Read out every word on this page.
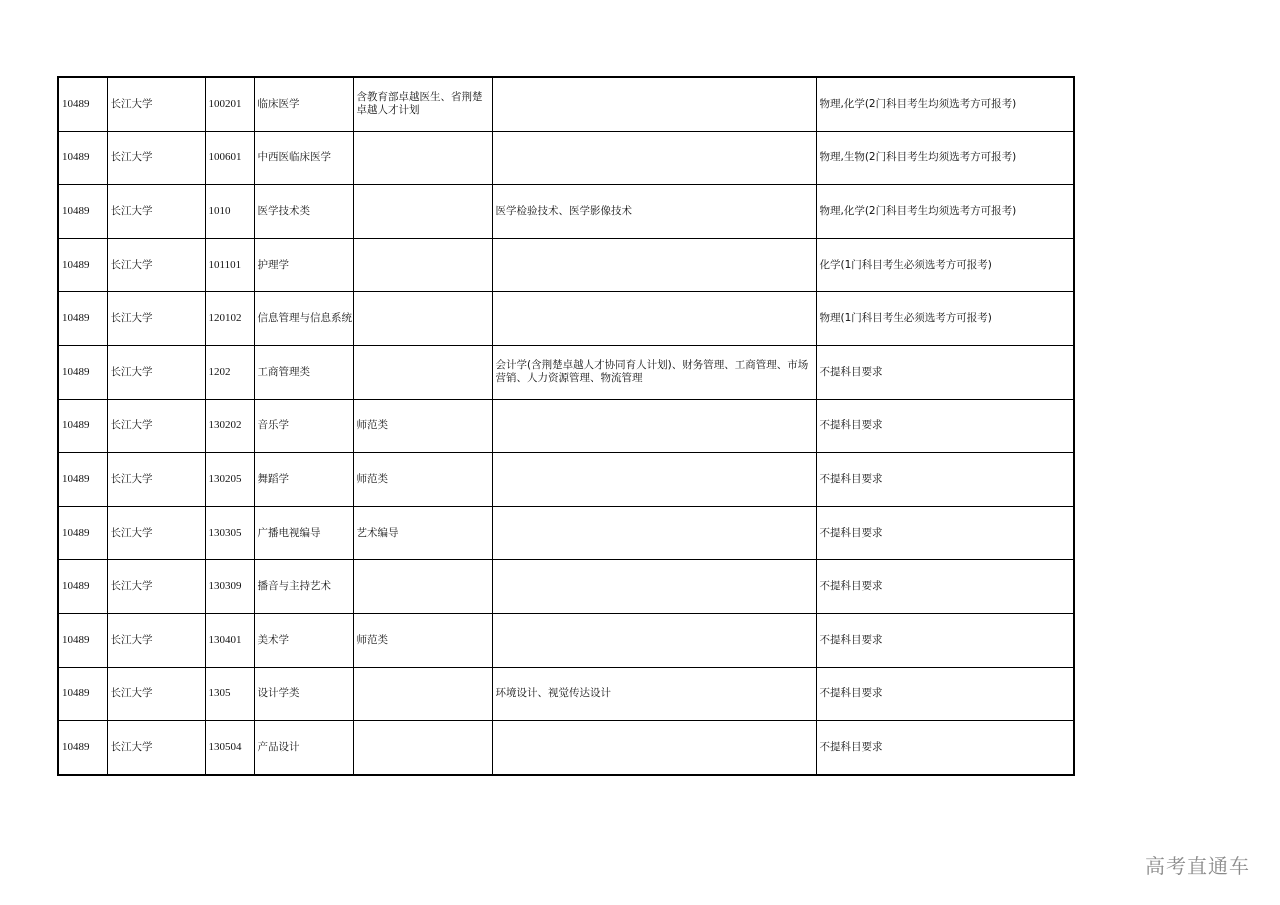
10489	长江大学	100201	临床医学	含教育部卓越医生、省荆楚卓越人才计划		物理,化学(2门科目考生均须选考方可报考)
10489	长江大学	100601	中西医临床医学			物理,生物(2门科目考生均须选考方可报考)
10489	长江大学	1010	医学技术类		医学检验技术、医学影像技术	物理,化学(2门科目考生均须选考方可报考)
10489	长江大学	101101	护理学			化学(1门科目考生必须选考方可报考)
10489	长江大学	120102	信息管理与信息系统			物理(1门科目考生必须选考方可报考)
10489	长江大学	1202	工商管理类		会计学(含荆楚卓越人才协同育人计划)、财务管理、工商管理、市场营销、人力资源管理、物流管理	不提科目要求
10489	长江大学	130202	音乐学	师范类		不提科目要求
10489	长江大学	130205	舞蹈学	师范类		不提科目要求
10489	长江大学	130305	广播电视编导	艺术编导		不提科目要求
10489	长江大学	130309	播音与主持艺术			不提科目要求
10489	长江大学	130401	美术学	师范类		不提科目要求
10489	长江大学	1305	设计学类		环境设计、视觉传达设计	不提科目要求
10489	长江大学	130504	产品设计			不提科目要求
高考直通车
